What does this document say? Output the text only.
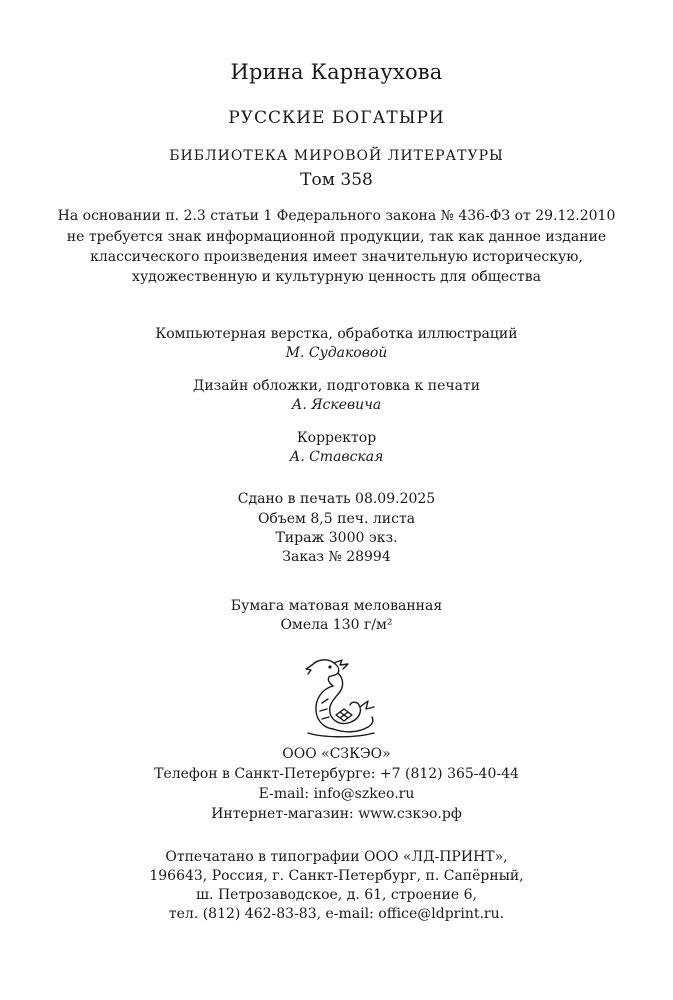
Ирина Карнаухова
РУССКИЕ БОГАТЫРИ
БИБЛИОТЕКА МИРОВОЙ ЛИТЕРАТУРЫ
Том 358
На основании п. 2.3 статьи 1 Федерального закона № 436-ФЗ от 29.12.2010
не требуется знак информационной продукции, так как данное издание
классического произведения имеет значительную историческую,
художественную и культурную ценность для общества
Компьютерная верстка, обработка иллюстраций
М. Судаковой
Дизайн обложки, подготовка к печати
А. Яскевича
Корректор
А. Ставская
Сдано в печать 08.09.2025
Объем 8,5 печ. листа
Тираж 3000 экз.
Заказ № 28994
Бумага матовая мелованная
Омела 130 г/м²
ООО «СЗКЭО»
Телефон в Санкт-Петербурге: +7 (812) 365-40-44
E-mail: info@szkeo.ru
Интернет-магазин: www.сзкэо.рф
Отпечатано в типографии ООО «ЛД-ПРИНТ»,
196643, Россия, г. Санкт-Петербург, п. Сапёрный,
ш. Петрозаводское, д. 61, строение 6,
тел. (812) 462-83-83, e-mail: office@ldprint.ru.
